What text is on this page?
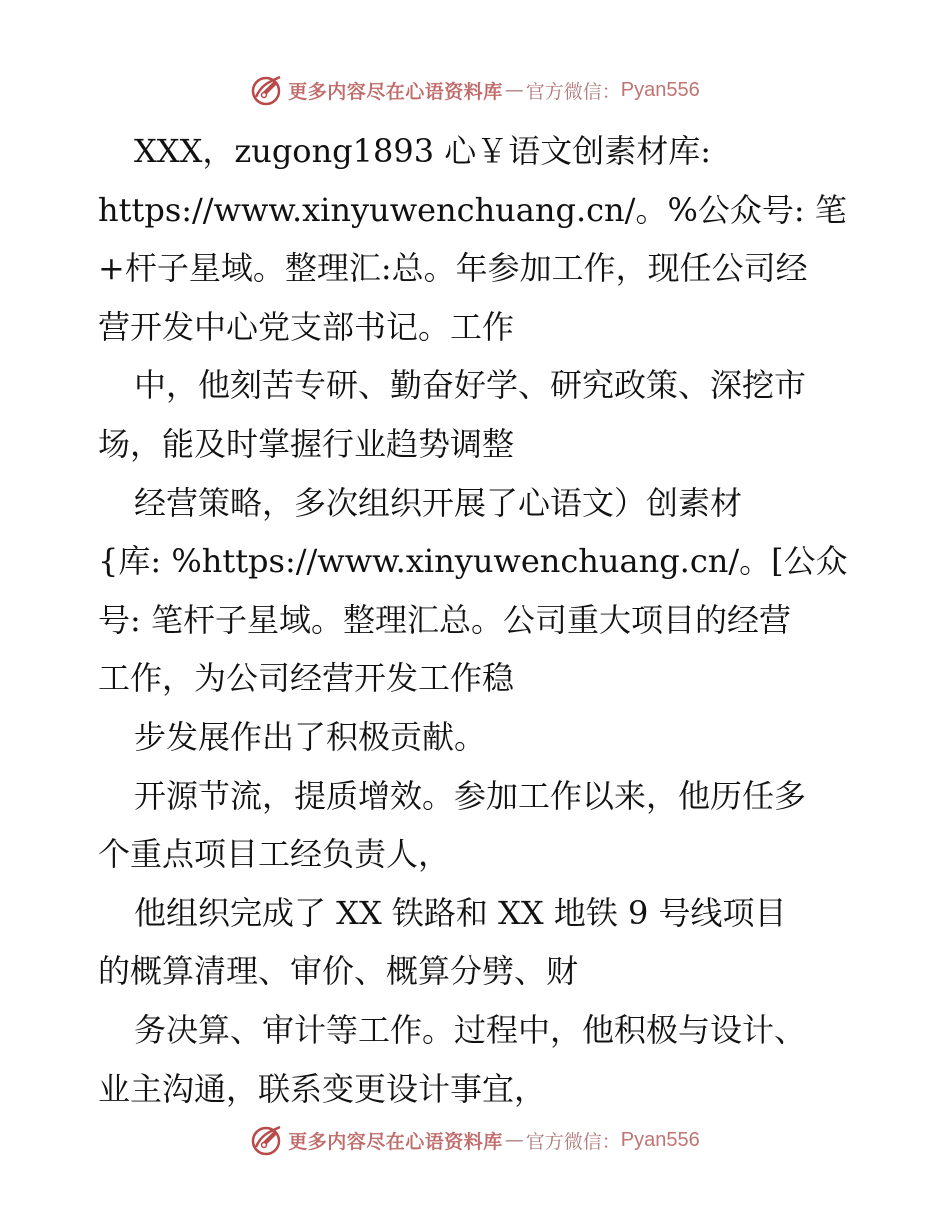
更多内容尽在心语资料库 — 官方微信： Pyan556
XXX，zugong1893 心￥语文创素材库:
https://www.xinyuwenchuang.cn/。%公众号: 笔
+杆子星域。整理汇:总。年参加工作，现任公司经
营开发中心党支部书记。工作
中，他刻苦专研、勤奋好学、研究政策、深挖市
场，能及时掌握行业趋势调整
经营策略，多次组织开展了心语文）创素材
{库: %https://www.xinyuwenchuang.cn/。[公众
号: 笔杆子星域。整理汇总。公司重大项目的经营
工作，为公司经营开发工作稳
步发展作出了积极贡献。
开源节流，提质增效。参加工作以来，他历任多
个重点项目工经负责人，
他组织完成了 XX 铁路和 XX 地铁 9 号线项目
的概算清理、审价、概算分劈、财
务决算、审计等工作。过程中，他积极与设计、
业主沟通，联系变更设计事宜，
更多内容尽在心语资料库 — 官方微信： Pyan556
